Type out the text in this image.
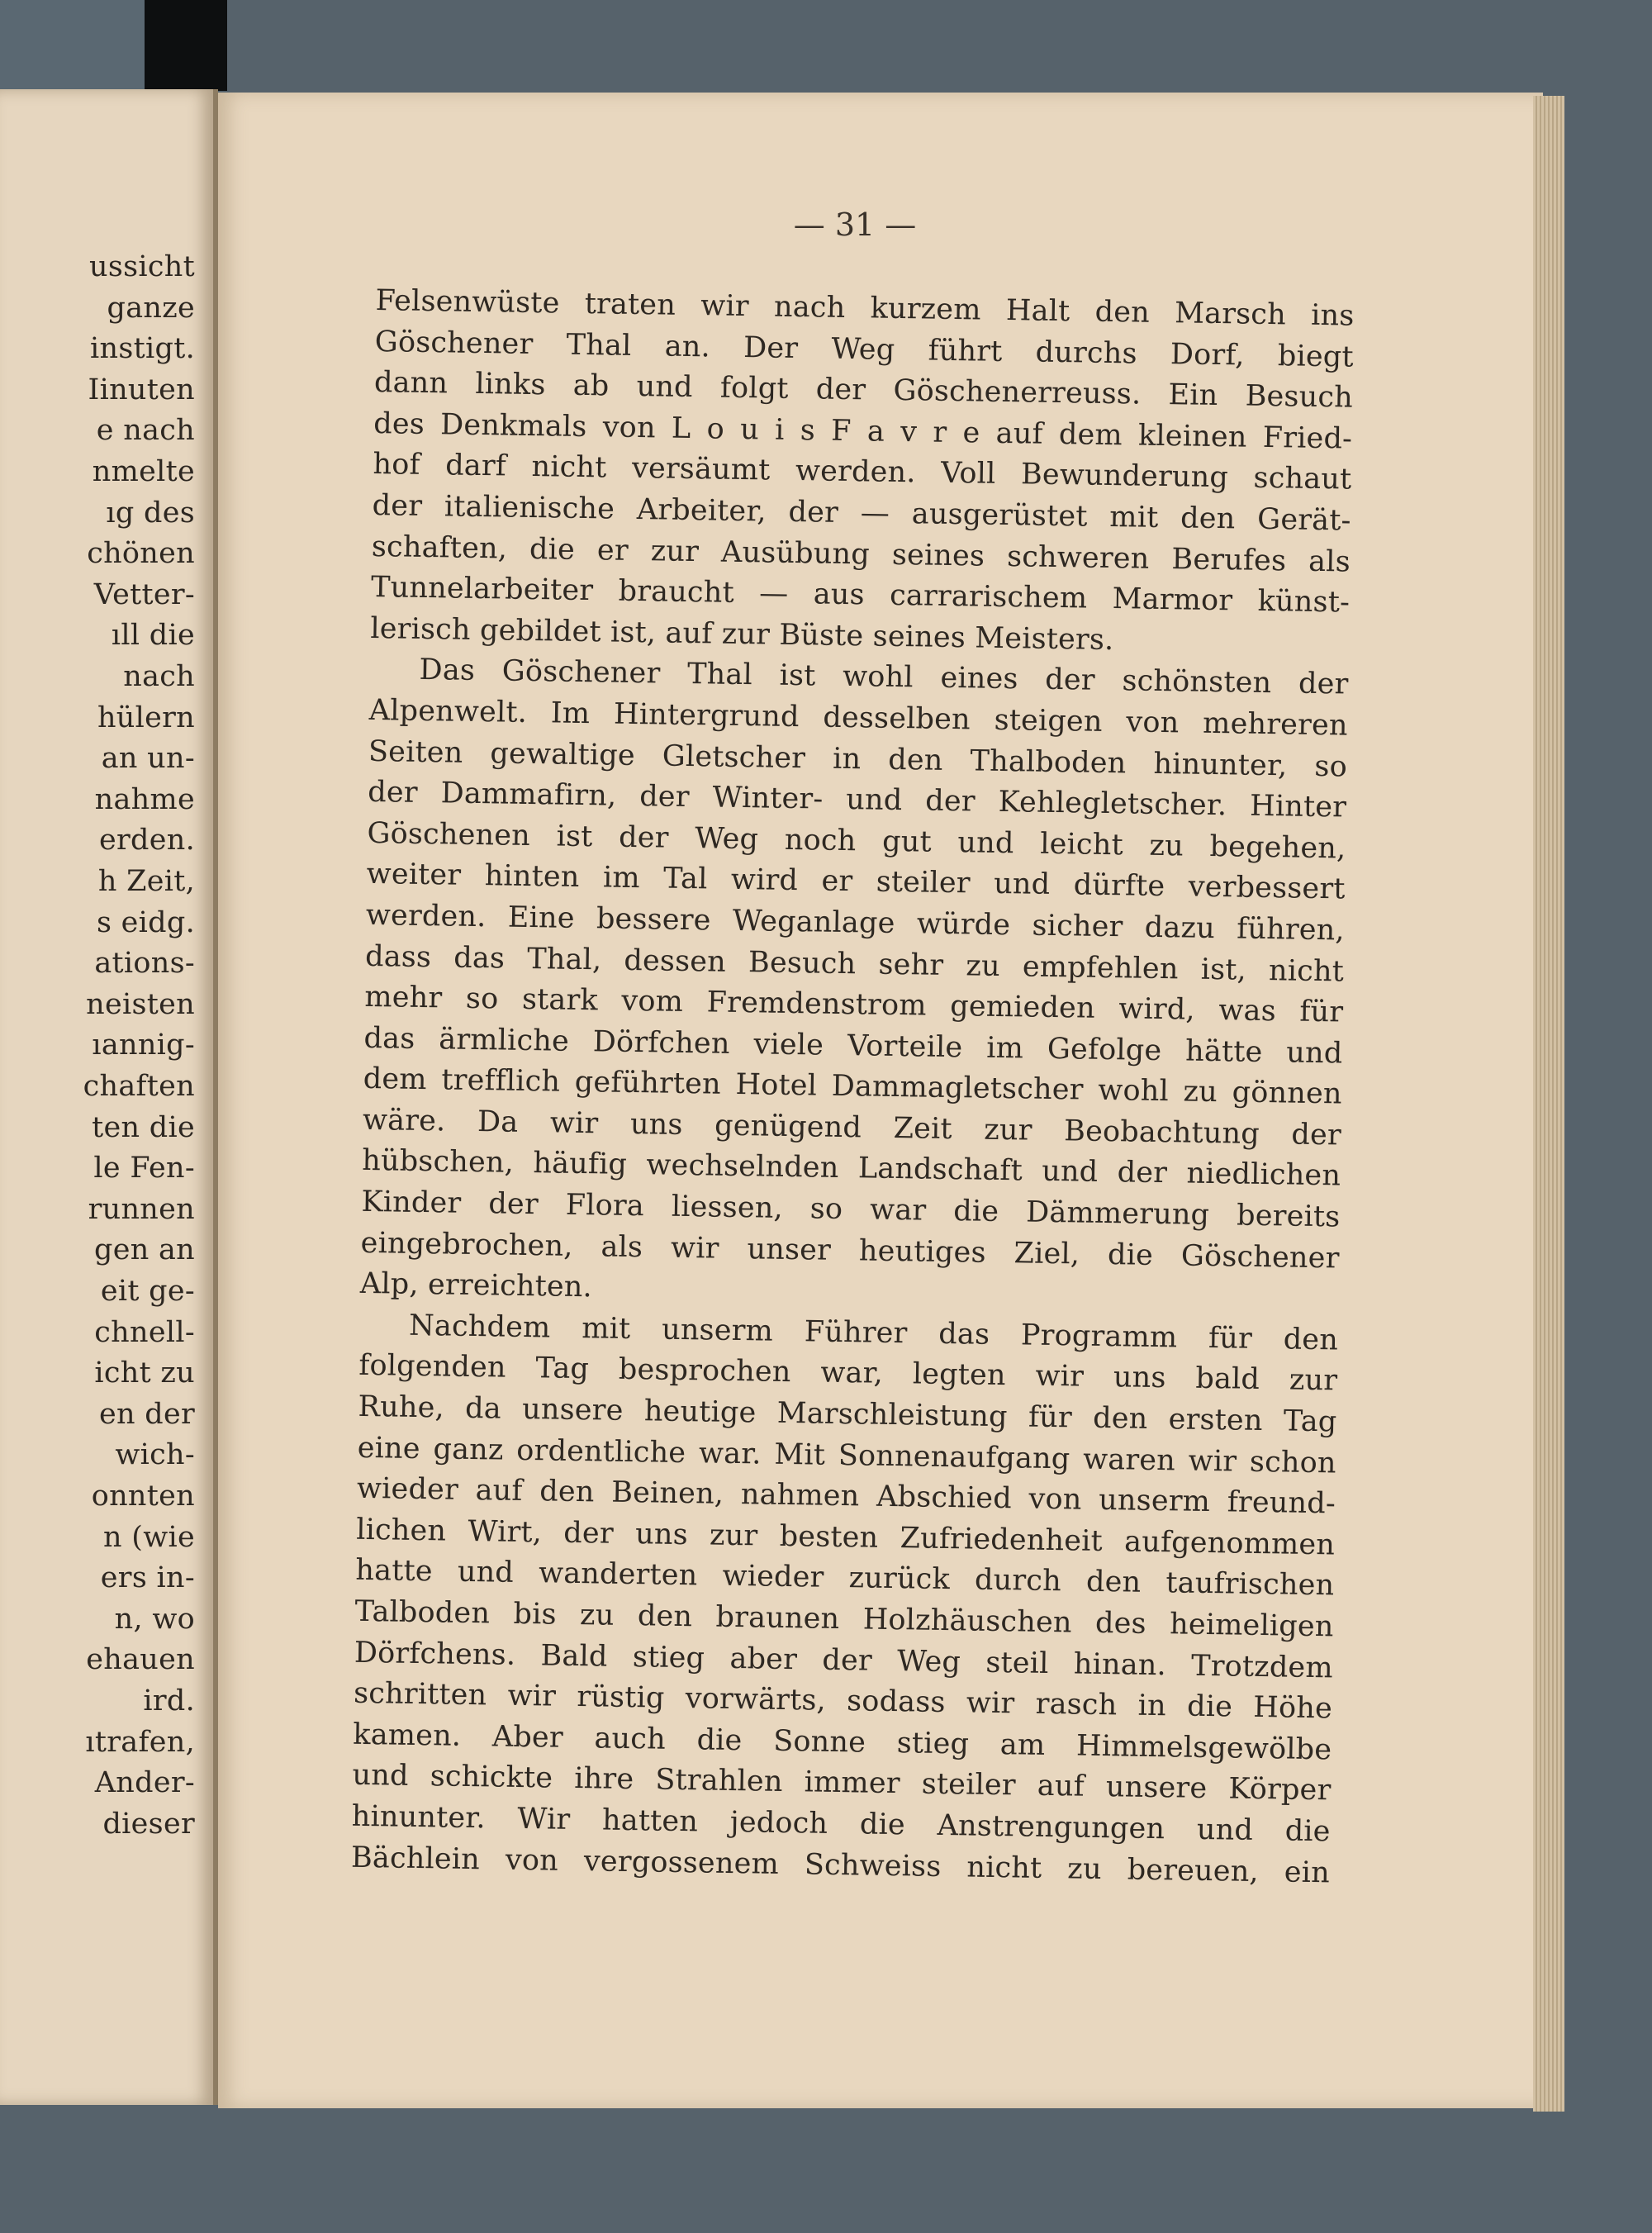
ussicht

ganze

instigt.

Iinuten

e nach

nmelte

ıg des

chönen

Vetter-

ıll die

nach

hülern

an un-

nahme

erden.

h Zeit,

s eidg.

ations-

neisten

ıannig-

chaften

ten die

le Fen-

runnen

gen an

eit ge-

chnell-

icht zu

en der

wich-

onnten

n (wie

ers in-

n, wo

ehauen

ird.

ıtrafen,

Ander-

dieser

— 31 —

Felsenwüste traten wir nach kurzem Halt den Marsch ins

Göschener Thal an. Der Weg führt durchs Dorf, biegt

dann links ab und folgt der Göschenerreuss. Ein Besuch

des Denkmals von L o u i s F a v r e auf dem kleinen Fried-

hof darf nicht versäumt werden. Voll Bewunderung schaut

der italienische Arbeiter, der — ausgerüstet mit den Gerät-

schaften, die er zur Ausübung seines schweren Berufes als

Tunnelarbeiter braucht — aus carrarischem Marmor künst-

lerisch gebildet ist, auf zur Büste seines Meisters.

Das Göschener Thal ist wohl eines der schönsten der

Alpenwelt. Im Hintergrund desselben steigen von mehreren

Seiten gewaltige Gletscher in den Thalboden hinunter, so

der Dammafirn, der Winter- und der Kehlegletscher. Hinter

Göschenen ist der Weg noch gut und leicht zu begehen,

weiter hinten im Tal wird er steiler und dürfte verbessert

werden. Eine bessere Weganlage würde sicher dazu führen,

dass das Thal, dessen Besuch sehr zu empfehlen ist, nicht

mehr so stark vom Fremdenstrom gemieden wird, was für

das ärmliche Dörfchen viele Vorteile im Gefolge hätte und

dem trefflich geführten Hotel Dammagletscher wohl zu gönnen

wäre. Da wir uns genügend Zeit zur Beobachtung der

hübschen, häufig wechselnden Landschaft und der niedlichen

Kinder der Flora liessen, so war die Dämmerung bereits

eingebrochen, als wir unser heutiges Ziel, die Göschener

Alp, erreichten.

Nachdem mit unserm Führer das Programm für den

folgenden Tag besprochen war, legten wir uns bald zur

Ruhe, da unsere heutige Marschleistung für den ersten Tag

eine ganz ordentliche war. Mit Sonnenaufgang waren wir schon

wieder auf den Beinen, nahmen Abschied von unserm freund-

lichen Wirt, der uns zur besten Zufriedenheit aufgenommen

hatte und wanderten wieder zurück durch den taufrischen

Talboden bis zu den braunen Holzhäuschen des heimeligen

Dörfchens. Bald stieg aber der Weg steil hinan. Trotzdem

schritten wir rüstig vorwärts, sodass wir rasch in die Höhe

kamen. Aber auch die Sonne stieg am Himmelsgewölbe

und schickte ihre Strahlen immer steiler auf unsere Körper

hinunter. Wir hatten jedoch die Anstrengungen und die

Bächlein von vergossenem Schweiss nicht zu bereuen, ein
